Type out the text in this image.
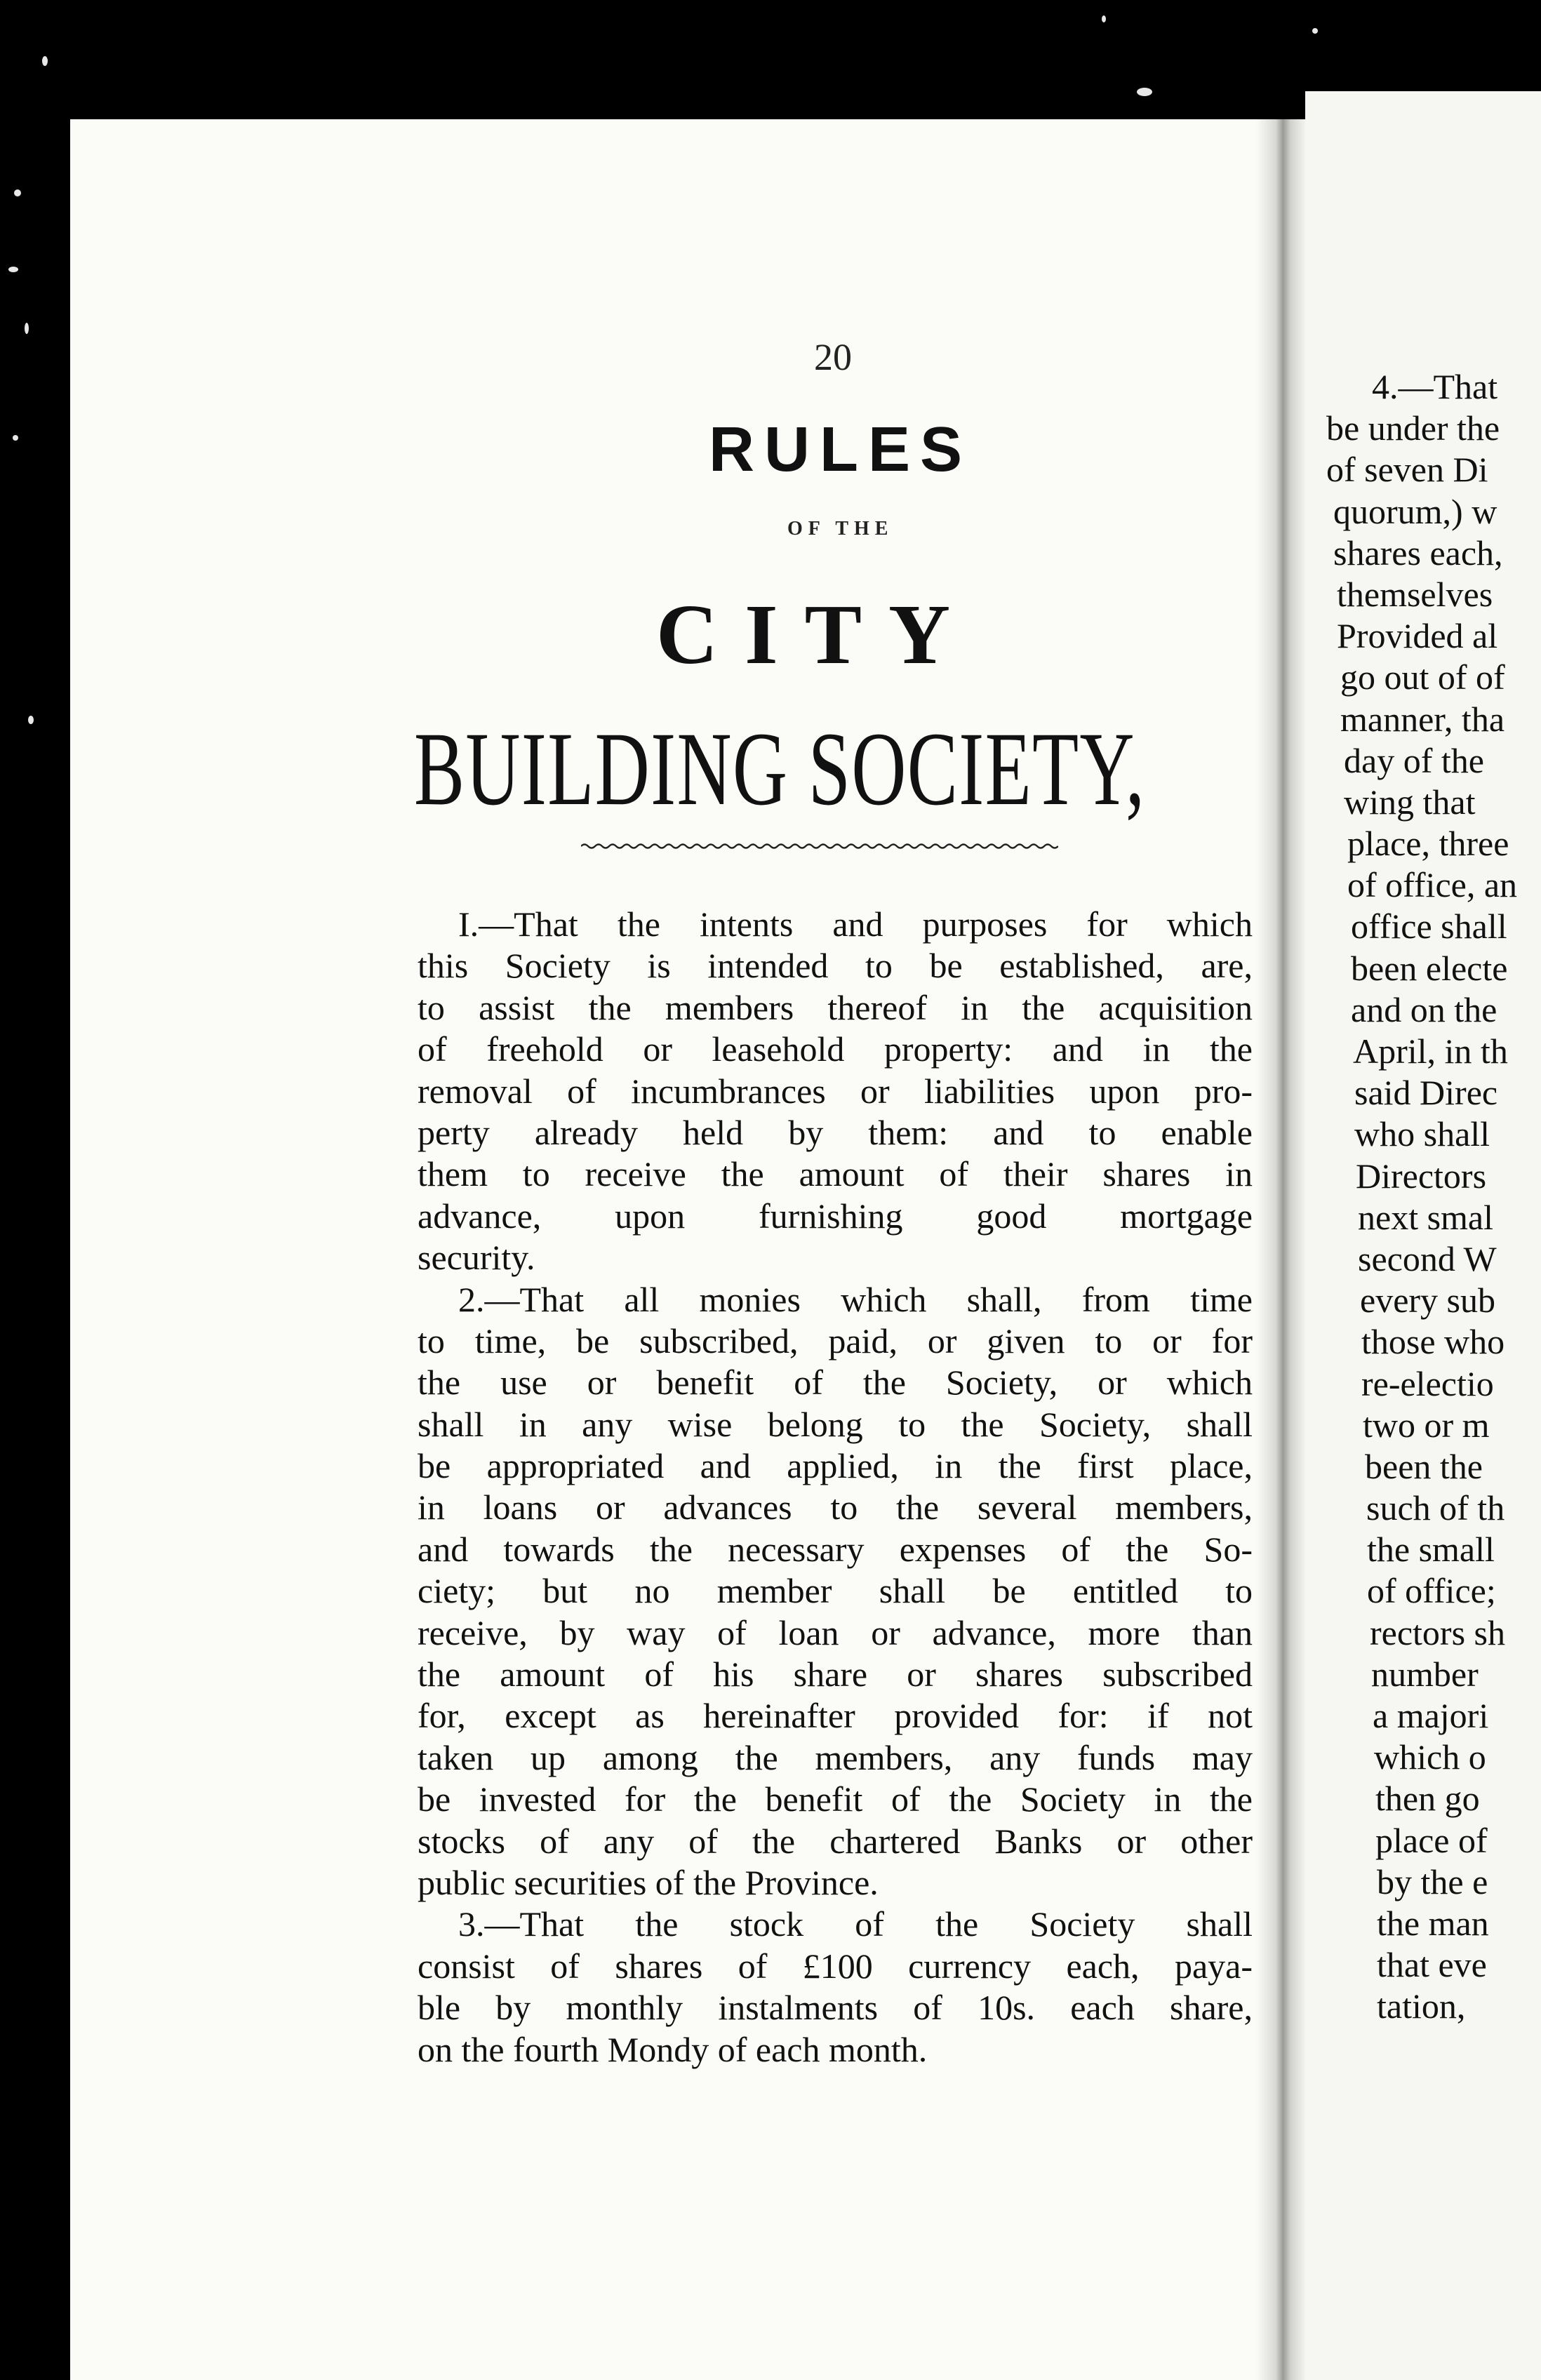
20
RULES
OF THE
CITY
BUILDING SOCIETY,
I.—That the intents and purposes for which
this Society is intended to be established, are,
to assist the members thereof in the acquisition
of freehold or leasehold property: and in the
removal of incumbrances or liabilities upon pro-
perty already held by them: and to enable
them to receive the amount of their shares in
advance, upon furnishing good mortgage
security.
2.—That all monies which shall, from time
to time, be subscribed, paid, or given to or for
the use or benefit of the Society, or which
shall in any wise belong to the Society, shall
be appropriated and applied, in the first place,
in loans or advances to the several members,
and towards the necessary expenses of the So-
ciety; but no member shall be entitled to
receive, by way of loan or advance, more than
the amount of his share or shares subscribed
for, except as hereinafter provided for: if not
taken up among the members, any funds may
be invested for the benefit of the Society in the
stocks of any of the chartered Banks or other
public securities of the Province.
3.—That the stock of the Society shall
consist of shares of £100 currency each, paya-
ble by monthly instalments of 10s. each share,
on the fourth Mondy of each month.
4.—That
be under the
of seven Di
quorum,) w
shares each,
themselves
Provided al
go out of of
manner, tha
day of the
wing that
place, three
of office, an
office shall
been electe
and on the
April, in th
said Direc
who shall
Directors
next smal
second W
every sub
those who
re-electio
two or m
been the
such of th
the small
of office;
rectors sh
number
a majori
which o
then go
place of
by the e
the man
that eve
tation,
